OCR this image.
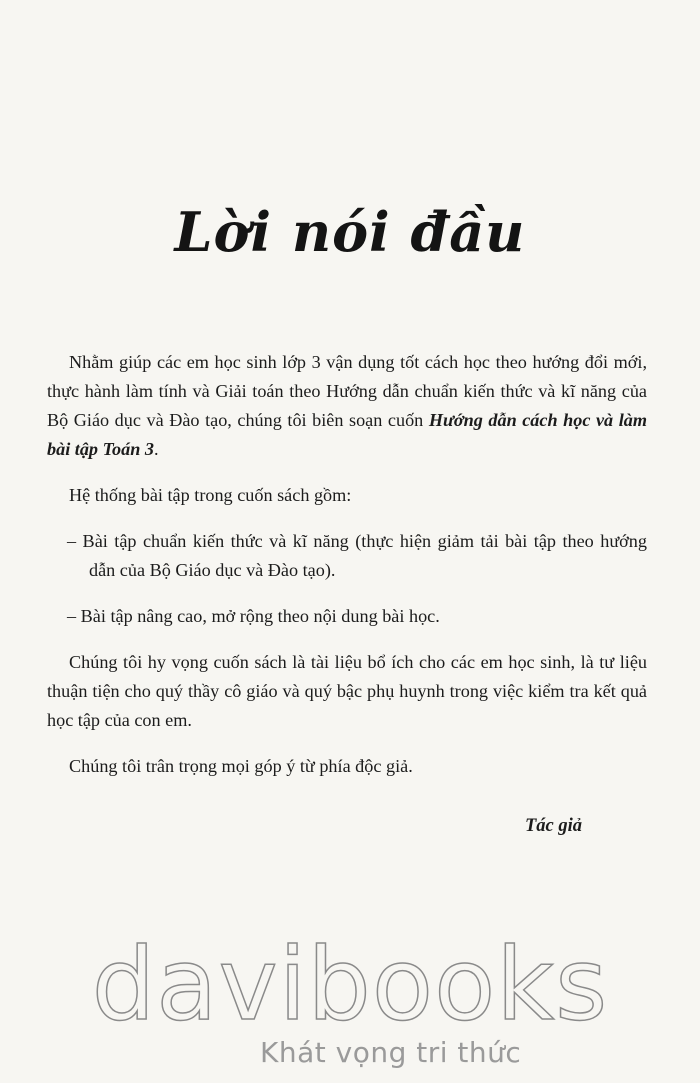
Lời nói đầu

Nhằm giúp các em học sinh lớp 3 vận dụng tốt cách học theo hướng đổi mới, thực hành làm tính và Giải toán theo Hướng dẫn chuẩn kiến thức và kĩ năng của Bộ Giáo dục và Đào tạo, chúng tôi biên soạn cuốn Hướng dẫn cách học và làm bài tập Toán 3.

Hệ thống bài tập trong cuốn sách gồm:

– Bài tập chuẩn kiến thức và kĩ năng (thực hiện giảm tải bài tập theo hướng dẫn của Bộ Giáo dục và Đào tạo).

– Bài tập nâng cao, mở rộng theo nội dung bài học.

Chúng tôi hy vọng cuốn sách là tài liệu bổ ích cho các em học sinh, là tư liệu thuận tiện cho quý thầy cô giáo và quý bậc phụ huynh trong việc kiểm tra kết quả học tập của con em.

Chúng tôi trân trọng mọi góp ý từ phía độc giả.

Tác giả
davibooks
Khát vọng tri thức
